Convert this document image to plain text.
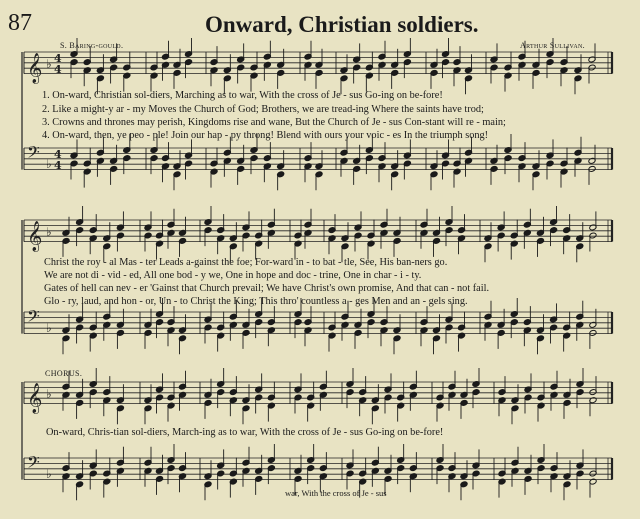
𝄞 ♭ 4
4
𝄢 ♭
4
4
𝄞 ♭
𝄢 ♭
𝄞 ♭
𝄢 ♭
87	Onward, Christian soldiers.
S. Baring-gould.	Arthur Sullivan.
1. On-ward, Christian sol-diers, Marching as to war, With the cross of Je - sus Go-ing on be-fore!
2. Like a might-y ar - my Moves the Church of God; Brothers, we are tread-ing Where the saints have trod;
3. Crowns and thrones may perish, Kingdoms rise and wane, But the Church of Je - sus Con-stant will re - main;
4. On-ward, then, ye peo - ple! Join our hap - py throng! Blend with ours your voic - es In the triumph song!
Christ the roy - al Mas - ter Leads a-gainst the foe; For-ward in - to bat - tle, See, His ban-ners go.
We are not di - vid - ed, All one bod - y we, One in hope and doc - trine, One in char - i - ty.
Gates of hell can nev - er 'Gainst that Church prevail; We have Christ's own promise, And that can - not fail.
Glo - ry, laud, and hon - or, Un - to Christ the King; This thro' countless a - ges Men and an - gels sing.
CHORUS.
On-ward, Chris-tian sol-diers, March-ing as to war, With the cross of Je - sus Go-ing on be-fore!
war, With the cross of Je - sus
